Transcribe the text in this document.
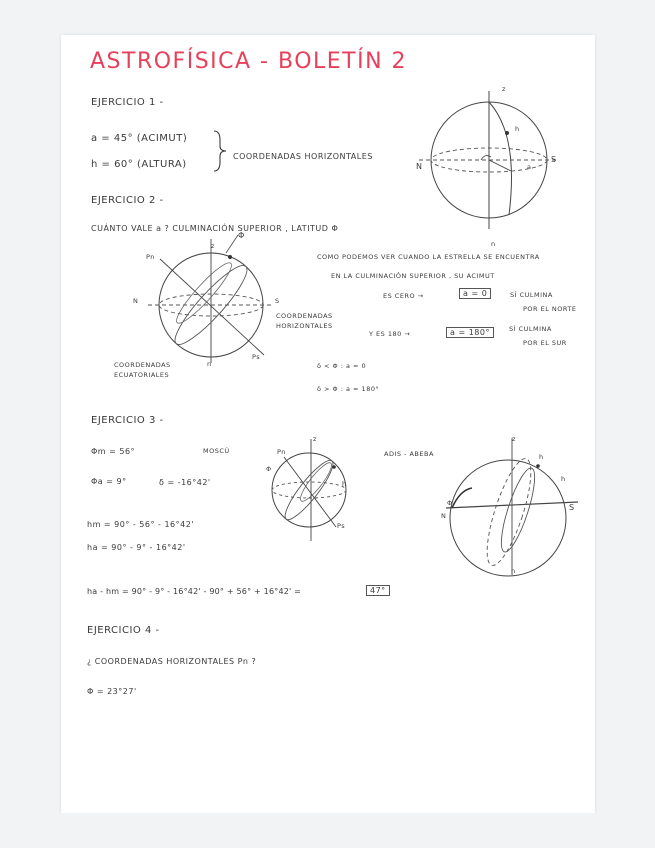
ASTROFÍSICA - BOLETÍN 2
EJERCICIO 1 -
a = 45° (ACIMUT)
h = 60° (ALTURA)
COORDENADAS HORIZONTALES
z
n
N
S
h
a
EJERCICIO 2 -
CUÁNTO VALE a ? CULMINACIÓN SUPERIOR , LATITUD Φ
Φ
z
Pn
N	S
Ps
n
COORDENADAS HORIZONTALES
COORDENADAS ECUATORIALES
COMO PODEMOS VER CUANDO LA ESTRELLA SE ENCUENTRA
EN LA CULMINACIÓN SUPERIOR , SU ACIMUT
ES CERO →	a = 0	SÍ CULMINA
POR EL NORTE
Y ES 180 →	a = 180°	SÍ CULMINA
POR EL SUR
δ < Φ : a = 0
δ > Φ : a = 180°
EJERCICIO 3 -
Φm = 56°	MOSCÚ
Φa = 9°	δ = -16°42'
ADIS - ABEBA
z
Pn
Φ
h
Ps
z
h
h
Φ
N
S
n
hm = 90° - 56° - 16°42'
ha = 90° - 9° - 16°42'
ha - hm = 90° - 9° - 16°42' - 90° + 56° + 16°42' =	47°
EJERCICIO 4 -
¿ COORDENADAS HORIZONTALES Pn ?
Φ = 23°27'
